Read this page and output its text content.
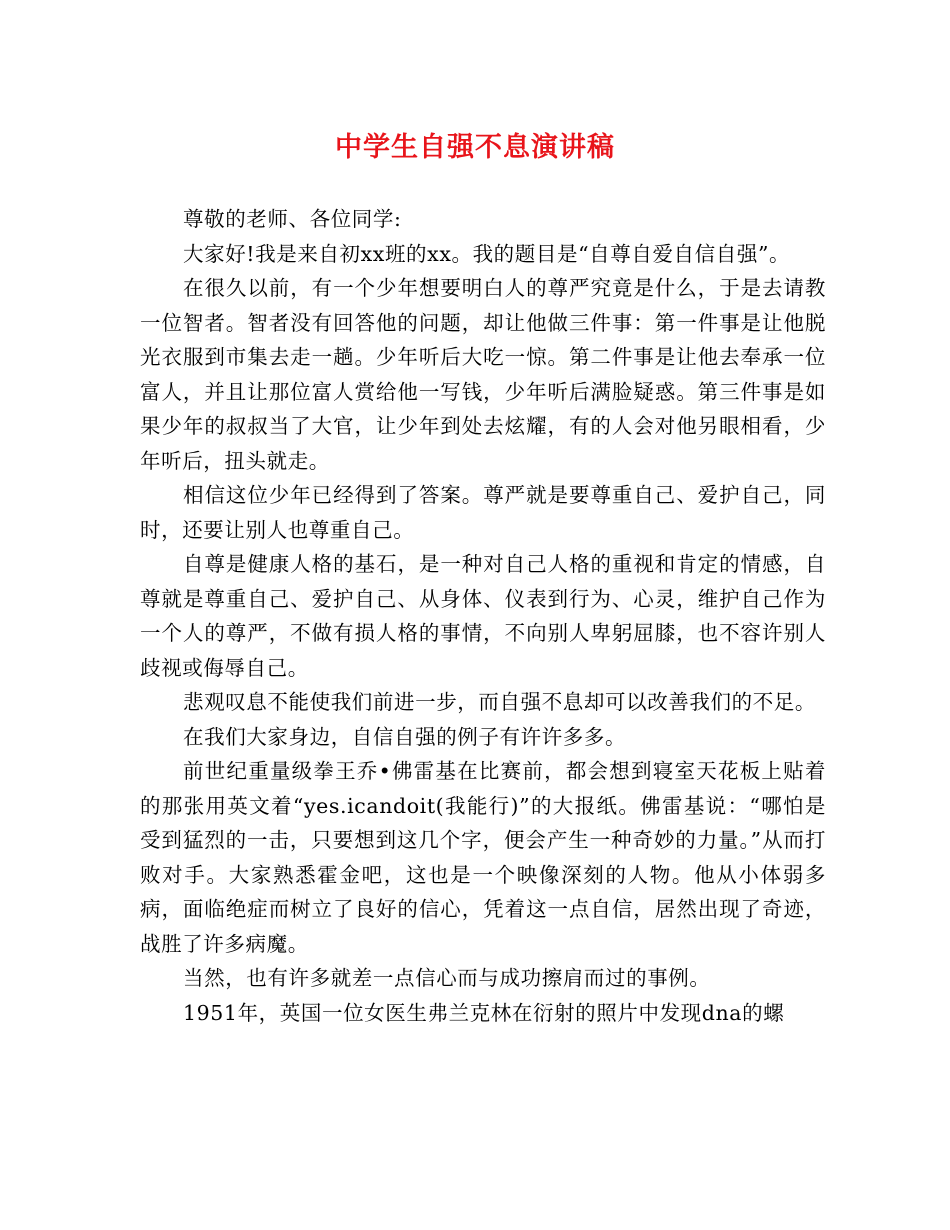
中学生自强不息演讲稿

尊敬的老师、各位同学:

大家好!我是来自初xx班的xx。我的题目是“自尊自爱自信自强”。

在很久以前，有一个少年想要明白人的尊严究竟是什么，于是去请教一位智者。智者没有回答他的问题，却让他做三件事：第一件事是让他脱光衣服到市集去走一趟。少年听后大吃一惊。第二件事是让他去奉承一位富人，并且让那位富人赏给他一写钱，少年听后满脸疑惑。第三件事是如果少年的叔叔当了大官，让少年到处去炫耀，有的人会对他另眼相看，少年听后，扭头就走。

相信这位少年已经得到了答案。尊严就是要尊重自己、爱护自己，同时，还要让别人也尊重自己。

自尊是健康人格的基石，是一种对自己人格的重视和肯定的情感，自尊就是尊重自己、爱护自己、从身体、仪表到行为、心灵，维护自己作为一个人的尊严，不做有损人格的事情，不向别人卑躬屈膝，也不容许别人歧视或侮辱自己。

悲观叹息不能使我们前进一步，而自强不息却可以改善我们的不足。

在我们大家身边，自信自强的例子有许许多多。

前世纪重量级拳王乔•佛雷基在比赛前，都会想到寝室天花板上贴着的那张用英文着“yes.icandoit(我能行)”的大报纸。佛雷基说：“哪怕是受到猛烈的一击，只要想到这几个字，便会产生一种奇妙的力量。”从而打败对手。大家熟悉霍金吧，这也是一个映像深刻的人物。他从小体弱多病，面临绝症而树立了良好的信心，凭着这一点自信，居然出现了奇迹，战胜了许多病魔。

当然，也有许多就差一点信心而与成功擦肩而过的事例。

1951年，英国一位女医生弗兰克林在衍射的照片中发现dna的螺
